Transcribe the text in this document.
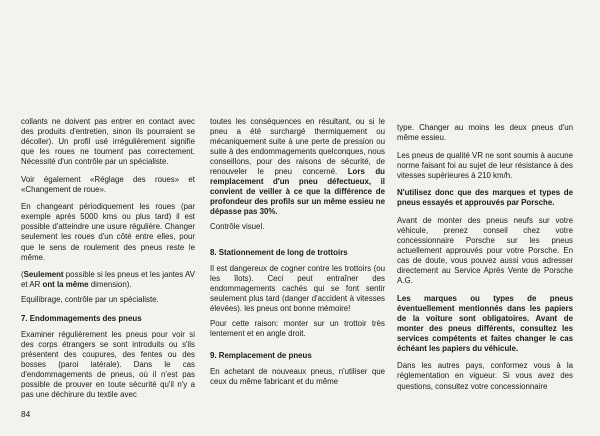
collants ne doivent pas entrer en contact avec des produits d'entretien, sinon ils pourraient se décoller). Un profil usé irrégulièrement signifie que les roues ne tournent pas correctement. Nécessité d'un contrôle par un spécialiste.

Voir également «Réglage des roues» et «Changement de roue».

En changeant périodiquement les roues (par exemple après 5000 kms ou plus tard) il est possible d'atteindre une usure régulière. Changer seulement les roues d'un côté entre elles, pour que le sens de roulement des pneus reste le même.

(Seulement possible si les pneus et les jantes AV et AR ont la même dimension).

Equilibrage, contrôle par un spécialiste.

7. Endommagements des pneus

Examiner régulièrement les pneus pour voir si des corps étrangers se sont introduits ou s'ils présentent des coupures, des fentes ou des bosses (paroi latérale). Dans le cas d'endommagements de pneus, où il n'est pas possible de prouver en toute sécurité qu'il n'y a pas une déchirure du textile avec

toutes les conséquences en résultant, ou si le pneu a été surchargé thermiquement ou mécaniquement suite à une perte de pression ou suite à des endommagements quelconques, nous conseillons, pour des raisons de sécurité, de renouveler le pneu concerné. Lors du remplacement d'un pneu défectueux, il convient de veiller à ce que la différence de profondeur des profils sur un même essieu ne dépasse pas 30%.

Contrôle visuel.

8. Stationnement de long de trottoirs

Il est dangereux de cogner contre les trottoirs (ou les îlots). Ceci peut entraîner des endommagements cachés qui se font sentir seulement plus tard (danger d'accident à vitesses élevées). les pneus ont bonne mémoire!

Pour cette raison: monter sur un trottoir très lentement et en angle droit.

9. Remplacement de pneus

En achetant de nouveaux pneus, n'utiliser que ceux du même fabricant et du même

type. Changer au moins les deux pneus d'un même essieu.

Les pneus de qualité VR ne sont soumis à aucune norme faisant foi au sujet de leur résistance à des vitesses supérieures à 210 km/h.

N'utilisez donc que des marques et types de pneus essayés et approuvés par Porsche.

Avant de monter des pneus neufs sur votre véhicule, prenez conseil chez votre concessionnaire Porsche sur les pneus actuellement approuvés pour votre Porsche. En cas de doute, vous pouvez aussi vous adresser directement au Service Après Vente de Porsche A.G.

Les marques ou types de pneus éventuellement mentionnés dans les papiers de la voiture sont obligatoires. Avant de monter des pneus différents, consultez les services compétents et faites changer le cas échéant les papiers du véhicule.

Dans les autres pays, conformez vous à la réglementation en vigueur. Si vous avez des questions, consultez votre concessionnaire

84
